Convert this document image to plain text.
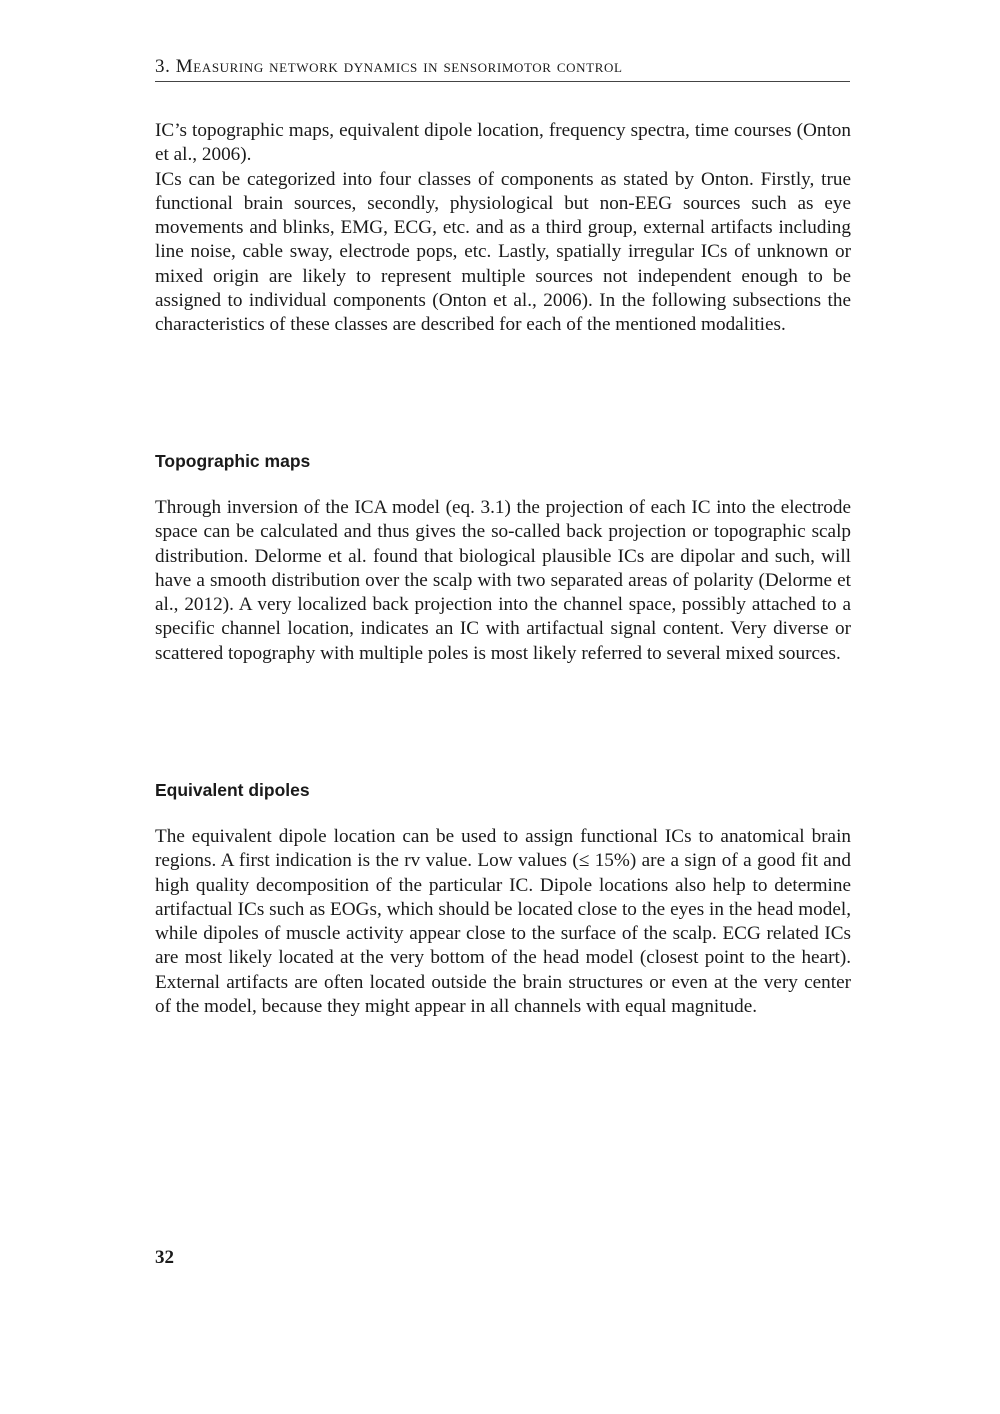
3. Measuring network dynamics in sensorimotor control

IC’s topographic maps, equivalent dipole location, frequency spectra, time courses (Onton et al., 2006).

ICs can be categorized into four classes of components as stated by Onton. Firstly, true functional brain sources, secondly, physiological but non-EEG sources such as eye movements and blinks, EMG, ECG, etc. and as a third group, external artifacts including line noise, cable sway, electrode pops, etc. Lastly, spatially irregular ICs of unknown or mixed origin are likely to represent multiple sources not independent enough to be assigned to individual components (Onton et al., 2006). In the following subsections the characteristics of these classes are described for each of the mentioned modalities.

Topographic maps

Through inversion of the ICA model (eq. 3.1) the projection of each IC into the electrode space can be calculated and thus gives the so-called back projection or topographic scalp distribution. Delorme et al. found that biological plausible ICs are dipolar and such, will have a smooth distribution over the scalp with two separated areas of polarity (Delorme et al., 2012). A very localized back projection into the channel space, possibly attached to a specific channel location, indicates an IC with artifactual signal content. Very diverse or scattered topography with multiple poles is most likely referred to several mixed sources.

Equivalent dipoles

The equivalent dipole location can be used to assign functional ICs to anatomical brain regions. A first indication is the rv value. Low values (≤ 15%) are a sign of a good fit and high quality decomposition of the particular IC. Dipole locations also help to determine artifactual ICs such as EOGs, which should be located close to the eyes in the head model, while dipoles of muscle activity appear close to the surface of the scalp. ECG related ICs are most likely located at the very bottom of the head model (closest point to the heart). External artifacts are often located outside the brain structures or even at the very center of the model, because they might appear in all channels with equal magnitude.

32
